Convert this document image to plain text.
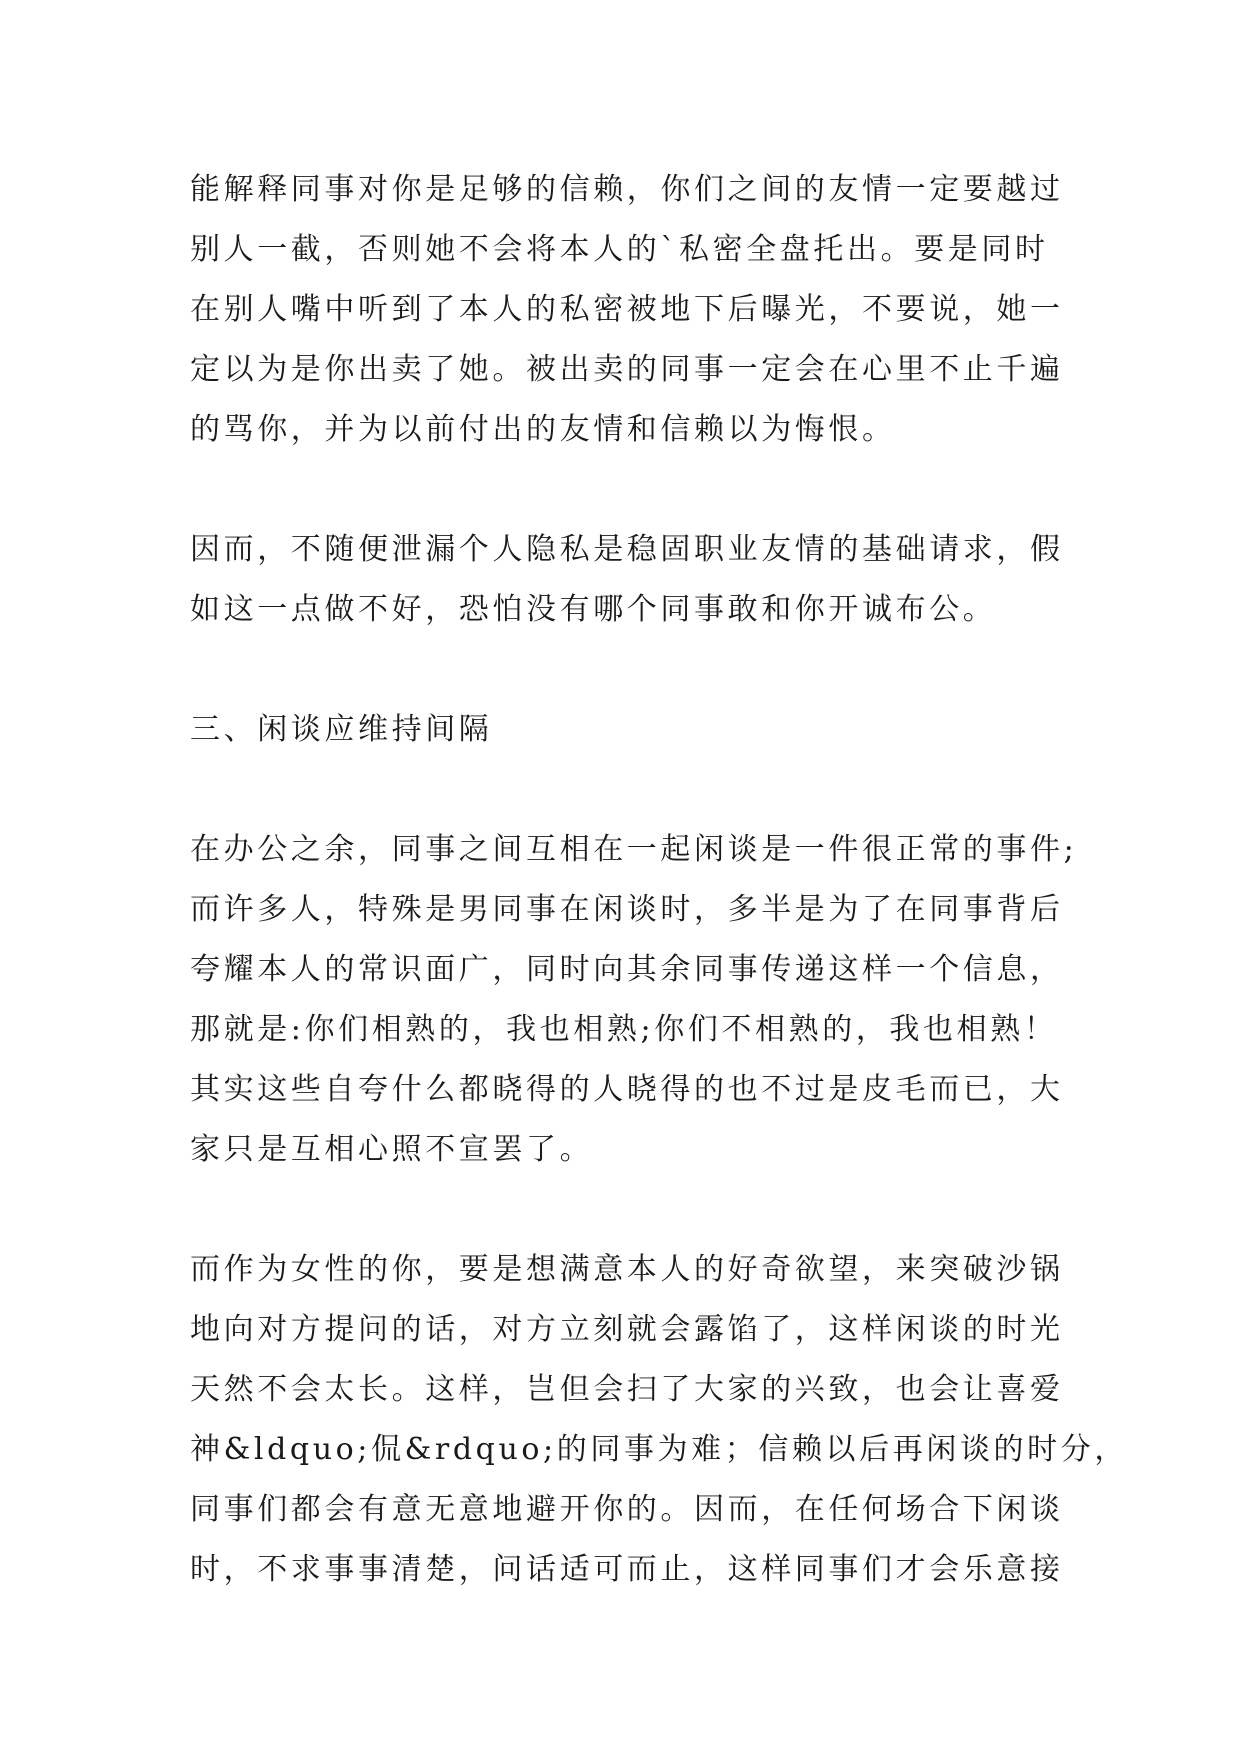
能解释同事对你是足够的信赖，你们之间的友情一定要越过
别人一截，否则她不会将本人的`私密全盘托出。要是同时
在别人嘴中听到了本人的私密被地下后曝光，不要说，她一
定以为是你出卖了她。被出卖的同事一定会在心里不止千遍
的骂你，并为以前付出的友情和信赖以为悔恨。
因而，不随便泄漏个人隐私是稳固职业友情的基础请求，假
如这一点做不好，恐怕没有哪个同事敢和你开诚布公。
三、闲谈应维持间隔
在办公之余，同事之间互相在一起闲谈是一件很正常的事件;
而许多人，特殊是男同事在闲谈时，多半是为了在同事背后
夸耀本人的常识面广，同时向其余同事传递这样一个信息，
那就是:你们相熟的，我也相熟;你们不相熟的，我也相熟！
其实这些自夸什么都晓得的人晓得的也不过是皮毛而已，大
家只是互相心照不宣罢了。
而作为女性的你，要是想满意本人的好奇欲望，来突破沙锅
地向对方提问的话，对方立刻就会露馅了，这样闲谈的时光
天然不会太长。这样，岂但会扫了大家的兴致，也会让喜爱
神&ldquo;侃&rdquo;的同事为难；信赖以后再闲谈的时分，
同事们都会有意无意地避开你的。因而，在任何场合下闲谈
时，不求事事清楚，问话适可而止，这样同事们才会乐意接
